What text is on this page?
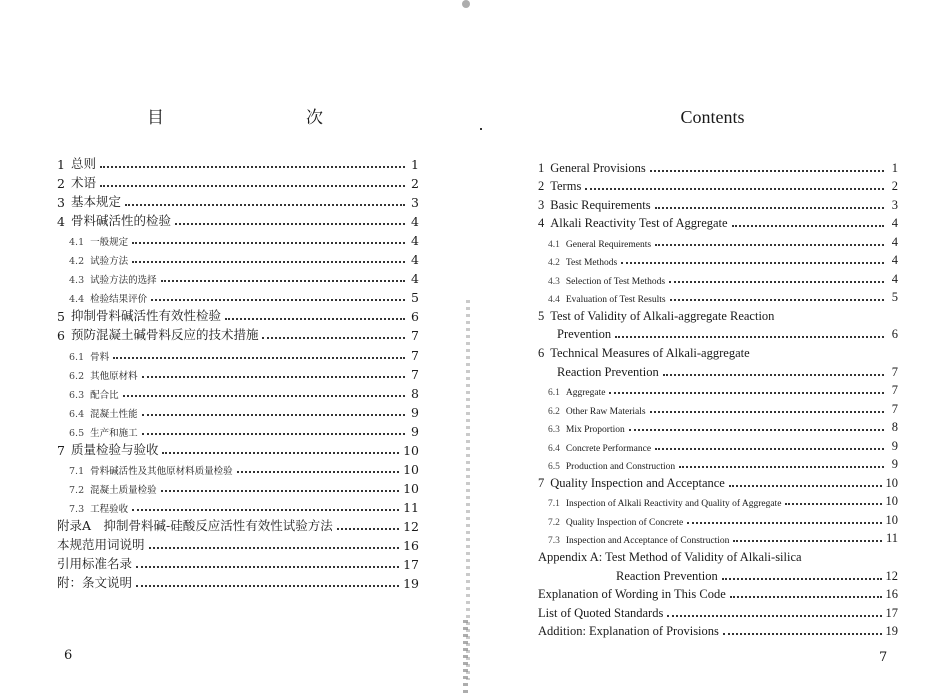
目　　次
1 总则	1
2 术语	2
3 基本规定	3
4 骨料碱活性的检验	4
4.1 一般规定	4
4.2 试验方法	4
4.3 试验方法的选择	4
4.4 检验结果评价	5
5 抑制骨料碱活性有效性检验	6
6 预防混凝土碱骨料反应的技术措施	7
6.1 骨料	7
6.2 其他原材料	7
6.3 配合比	8
6.4 混凝土性能	9
6.5 生产和施工	9
7 质量检验与验收	10
7.1 骨料碱活性及其他原材料质量检验	10
7.2 混凝土质量检验	10
7.3 工程验收	11
附录A　抑制骨料碱-硅酸反应活性有效性试验方法	12
本规范用词说明	16
引用标准名录	17
附：条文说明	19
6
Contents
1 General Provisions	1
2 Terms	2
3 Basic Requirements	3
4 Alkali Reactivity Test of Aggregate	4
4.1 General Requirements	4
4.2 Test Methods	4
4.3 Selection of Test Methods	4
4.4 Evaluation of Test Results	5
5 Test of Validity of Alkali-aggregate Reaction
Prevention	6
6 Technical Measures of Alkali-aggregate
Reaction Prevention	7
6.1 Aggregate	7
6.2 Other Raw Materials	7
6.3 Mix Proportion	8
6.4 Concrete Performance	9
6.5 Production and Construction	9
7 Quality Inspection and Acceptance	10
7.1 Inspection of Alkali Reactivity and Quality of Aggregate	10
7.2 Quality Inspection of Concrete	10
7.3 Inspection and Acceptance of Construction	11
Appendix A: Test Method of Validity of Alkali-silica
Reaction Prevention	12
Explanation of Wording in This Code	16
List of Quoted Standards	17
Addition: Explanation of Provisions	19
7
